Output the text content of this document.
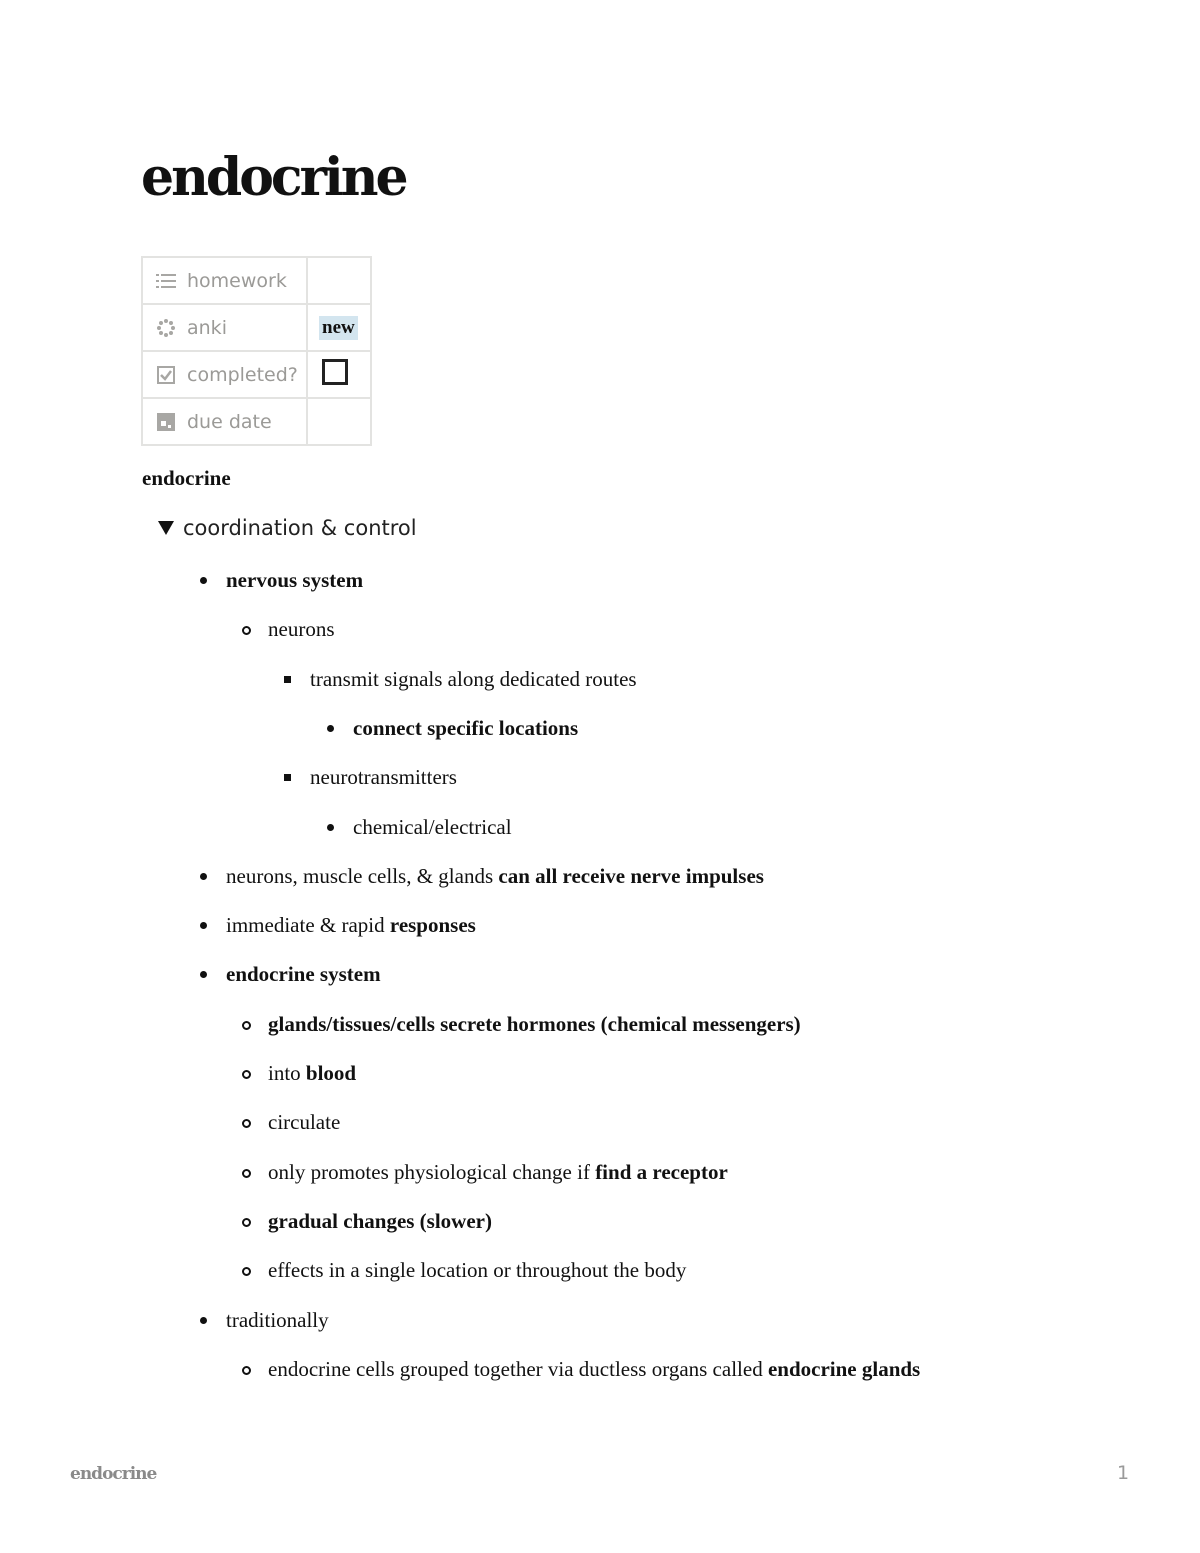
endocrine
homework	

anki	new

completed?	

due date	

endocrine
coordination & control
nervous system
neurons
transmit signals along dedicated routes
connect specific locations
neurotransmitters
chemical/electrical
neurons, muscle cells, & glands can all receive nerve impulses
immediate & rapid responses
endocrine system
glands/tissues/cells secrete hormones (chemical messengers)
into blood
circulate
only promotes physiological change if find a receptor
gradual changes (slower)
effects in a single location or throughout the body
traditionally
endocrine cells grouped together via ductless organs called endocrine glands
endocrine	1
